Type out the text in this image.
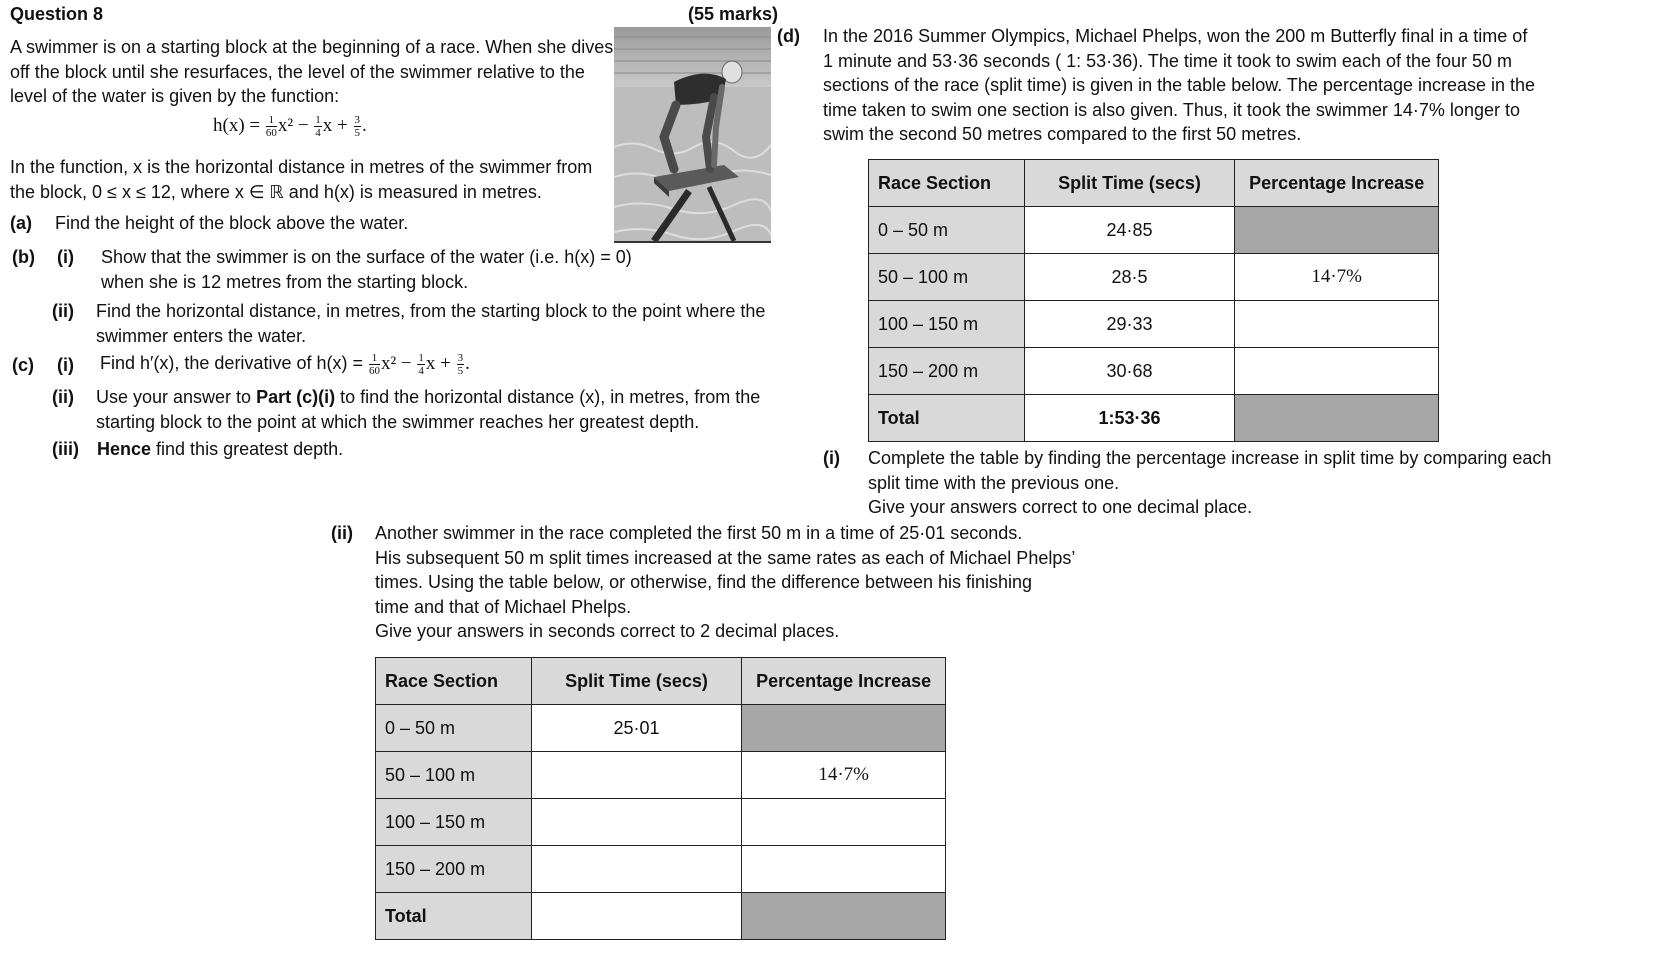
Question 8	(55 marks)
A swimmer is on a starting block at the beginning of a race. When she dives
off the block until she resurfaces, the level of the swimmer relative to the
level of the water is given by the function:
$h(x) = \frac{1}{60} x^2 - \frac{1}{4}$ $x + \frac{3}{5}$ .
In the function, x is the horizontal distance in metres of the swimmer from
the block, 0 ≤ x ≤ 12, where x ∈ ℝ and h(x) is measured in metres.
(a) Find the height of the block above the water.
(b) (i) Show that the swimmer is on the surface of the water (i.e. h(x) = 0)
when she is 12 metres from the starting block.
(ii) Find the horizontal distance, in metres, from the starting block to the point where the
swimmer enters the water.
(c) (i) Find h′(x), the derivative of $h(x) = \frac{1}{60} x^2 - \frac{1}{4}$ $x + \frac{3}{5}$ .
(ii) Use your answer to Part (c)(i) to find the horizontal distance (x), in metres, from the
starting block to the point at which the swimmer reaches her greatest depth.
(iii) Hence find this greatest depth.
(d) In the 2016 Summer Olympics, Michael Phelps, won the 200 m Butterfly final in a time of
1 minute and 53·36 seconds ( 1: 53·36). The time it took to swim each of the four 50 m
sections of the race (split time) is given in the table below. The percentage increase in the
time taken to swim one section is also given. Thus, it took the swimmer 14·7% longer to
swim the second 50 metres compared to the first 50 metres.
Race Section	Split Time (secs)	Percentage Increase
0 – 50 m	24·85	
50 – 100 m	28·5	14·7%
100 – 150 m	29·33	
150 – 200 m	30·68	
Total	1:53·36	
(i) Complete the table by finding the percentage increase in split time by comparing each
split time with the previous one.
Give your answers correct to one decimal place.
(ii) Another swimmer in the race completed the first 50 m in a time of 25·01 seconds.
His subsequent 50 m split times increased at the same rates as each of Michael Phelps’
times. Using the table below, or otherwise, find the difference between his finishing
time and that of Michael Phelps.
Give your answers in seconds correct to 2 decimal places.
Race Section	Split Time (secs)	Percentage Increase
0 – 50 m	25·01	
50 – 100 m		14·7%
100 – 150 m		
150 – 200 m		
Total		
